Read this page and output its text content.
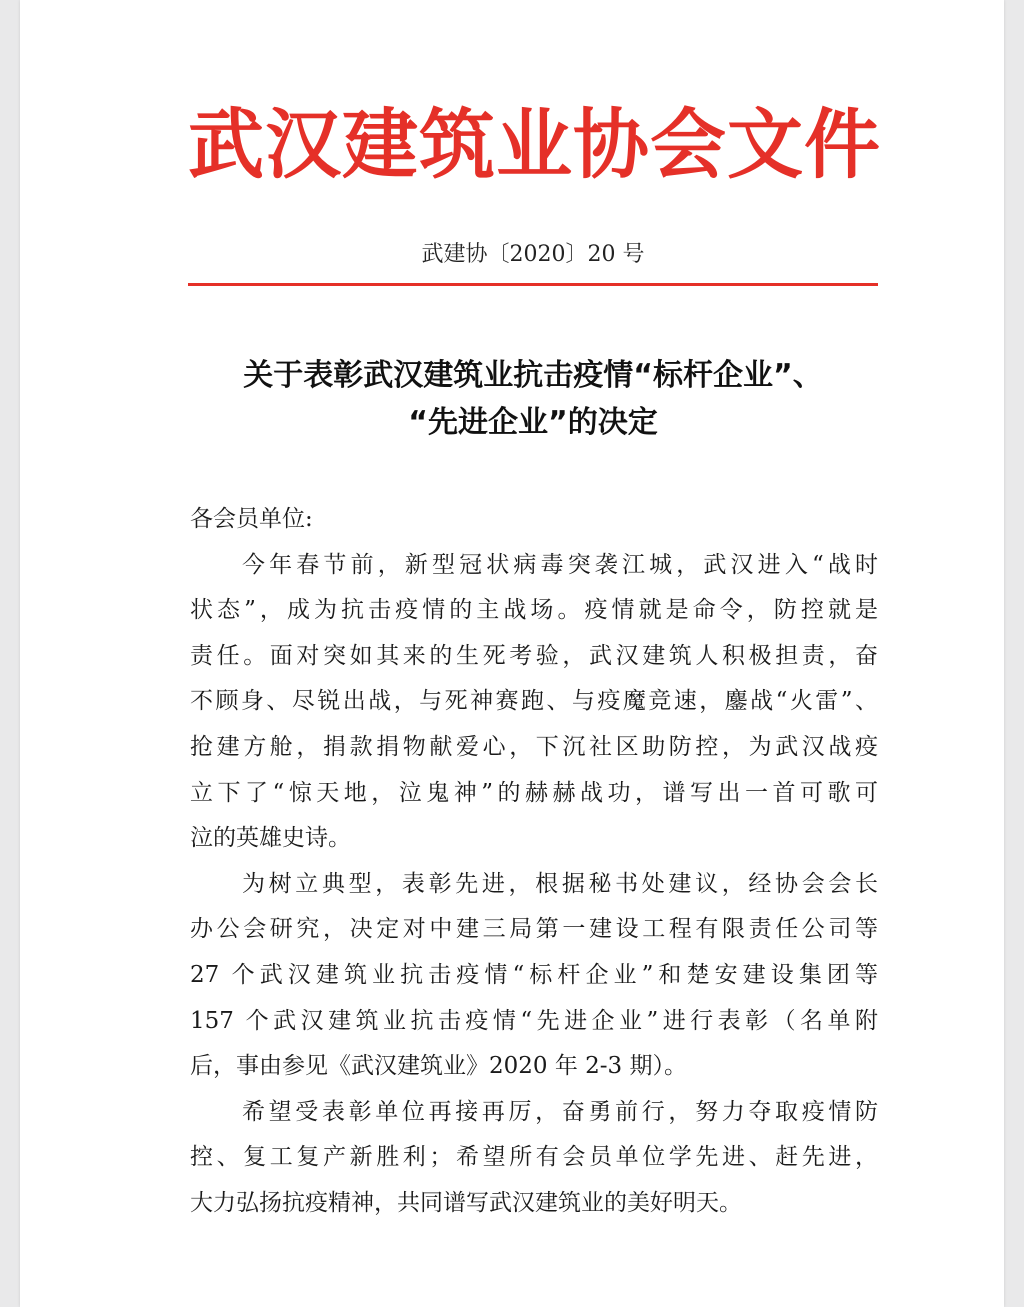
武汉建筑业协会文件
武建协〔2020〕20 号
关于表彰武汉建筑业抗击疫情“标杆企业”、
“先进企业”的决定

各会员单位:

今年春节前，新型冠状病毒突袭江城，武汉进入“战时
状态”，成为抗击疫情的主战场。疫情就是命令，防控就是
责任。面对突如其来的生死考验，武汉建筑人积极担责，奋
不顾身、尽锐出战，与死神赛跑、与疫魔竞速，鏖战“火雷”、
抢建方舱，捐款捐物献爱心，下沉社区助防控，为武汉战疫
立下了“惊天地，泣鬼神”的赫赫战功，谱写出一首可歌可
泣的英雄史诗。

为树立典型，表彰先进，根据秘书处建议，经协会会长
办公会研究，决定对中建三局第一建设工程有限责任公司等
27 个武汉建筑业抗击疫情“标杆企业”和楚安建设集团等
157 个武汉建筑业抗击疫情“先进企业”进行表彰（名单附
后，事由参见《武汉建筑业》2020 年 2-3 期）。

希望受表彰单位再接再厉，奋勇前行，努力夺取疫情防
控、复工复产新胜利；希望所有会员单位学先进、赶先进，
大力弘扬抗疫精神，共同谱写武汉建筑业的美好明天。
